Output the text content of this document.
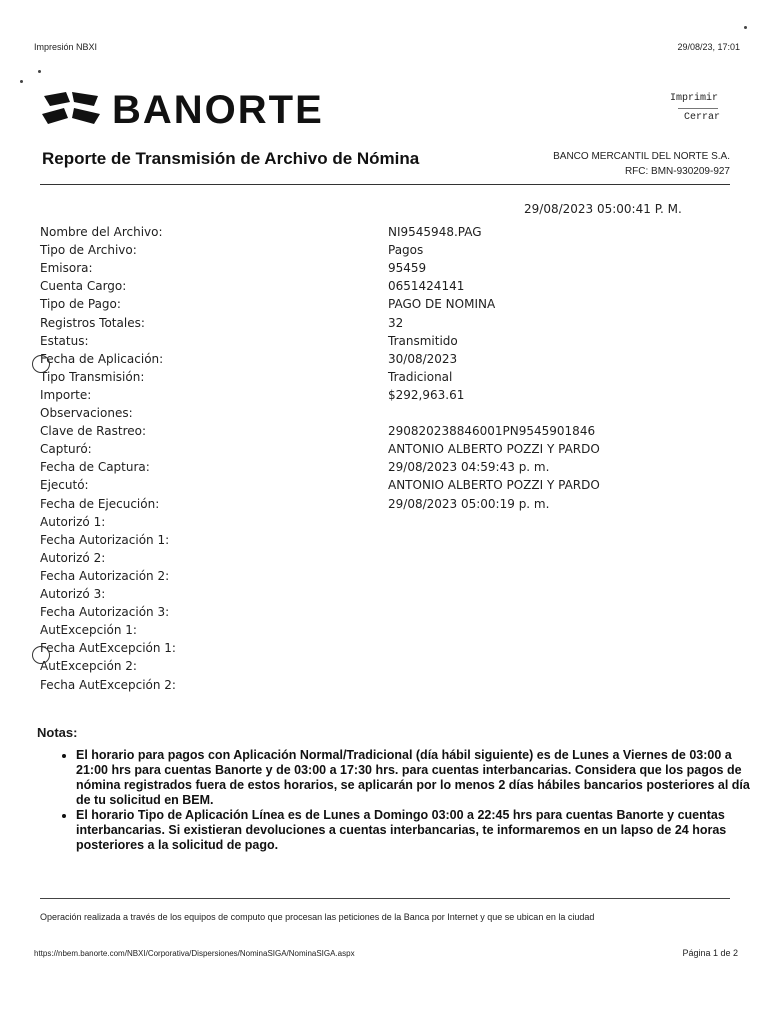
Impresión NBXI	29/08/23, 17:01
BANORTE	Imprimir
Cerrar
Reporte de Transmisión de Archivo de Nómina	BANCO MERCANTIL DEL NORTE S.A.
RFC: BMN-930209-927
29/08/2023 05:00:41 P. M.
Nombre del Archivo:	NI9545948.PAG
Tipo de Archivo:	Pagos
Emisora:	95459
Cuenta Cargo:	0651424141
Tipo de Pago:	PAGO DE NOMINA
Registros Totales:	32
Estatus:	Transmitido
Fecha de Aplicación:	30/08/2023
Tipo Transmisión:	Tradicional
Importe:	$292,963.61
Observaciones:
Clave de Rastreo:	290820238846001PN9545901846
Capturó:	ANTONIO ALBERTO POZZI Y PARDO
Fecha de Captura:	29/08/2023 04:59:43 p. m.
Ejecutó:	ANTONIO ALBERTO POZZI Y PARDO
Fecha de Ejecución:	29/08/2023 05:00:19 p. m.
Autorizó 1:
Fecha Autorización 1:
Autorizó 2:
Fecha Autorización 2:
Autorizó 3:
Fecha Autorización 3:
AutExcepción 1:
Fecha AutExcepción 1:
AutExcepción 2:
Fecha AutExcepción 2:
Notas:
• El horario para pagos con Aplicación Normal/Tradicional (día hábil siguiente) es de Lunes a Viernes de 03:00 a 21:00 hrs para cuentas Banorte y de 03:00 a 17:30 hrs. para cuentas interbancarias. Considera que los pagos de nómina registrados fuera de estos horarios, se aplicarán por lo menos 2 días hábiles bancarios posteriores al día de tu solicitud en BEM.
• El horario Tipo de Aplicación Línea es de Lunes a Domingo 03:00 a 22:45 hrs para cuentas Banorte y cuentas interbancarias. Si existieran devoluciones a cuentas interbancarias, te informaremos en un lapso de 24 horas posteriores a la solicitud de pago.
Operación realizada a través de los equipos de computo que procesan las peticiones de la Banca por Internet y que se ubican en la ciudad
https://nbem.banorte.com/NBXI/Corporativa/Dispersiones/NominaSIGA/NominaSIGA.aspx	Página 1 de 2
